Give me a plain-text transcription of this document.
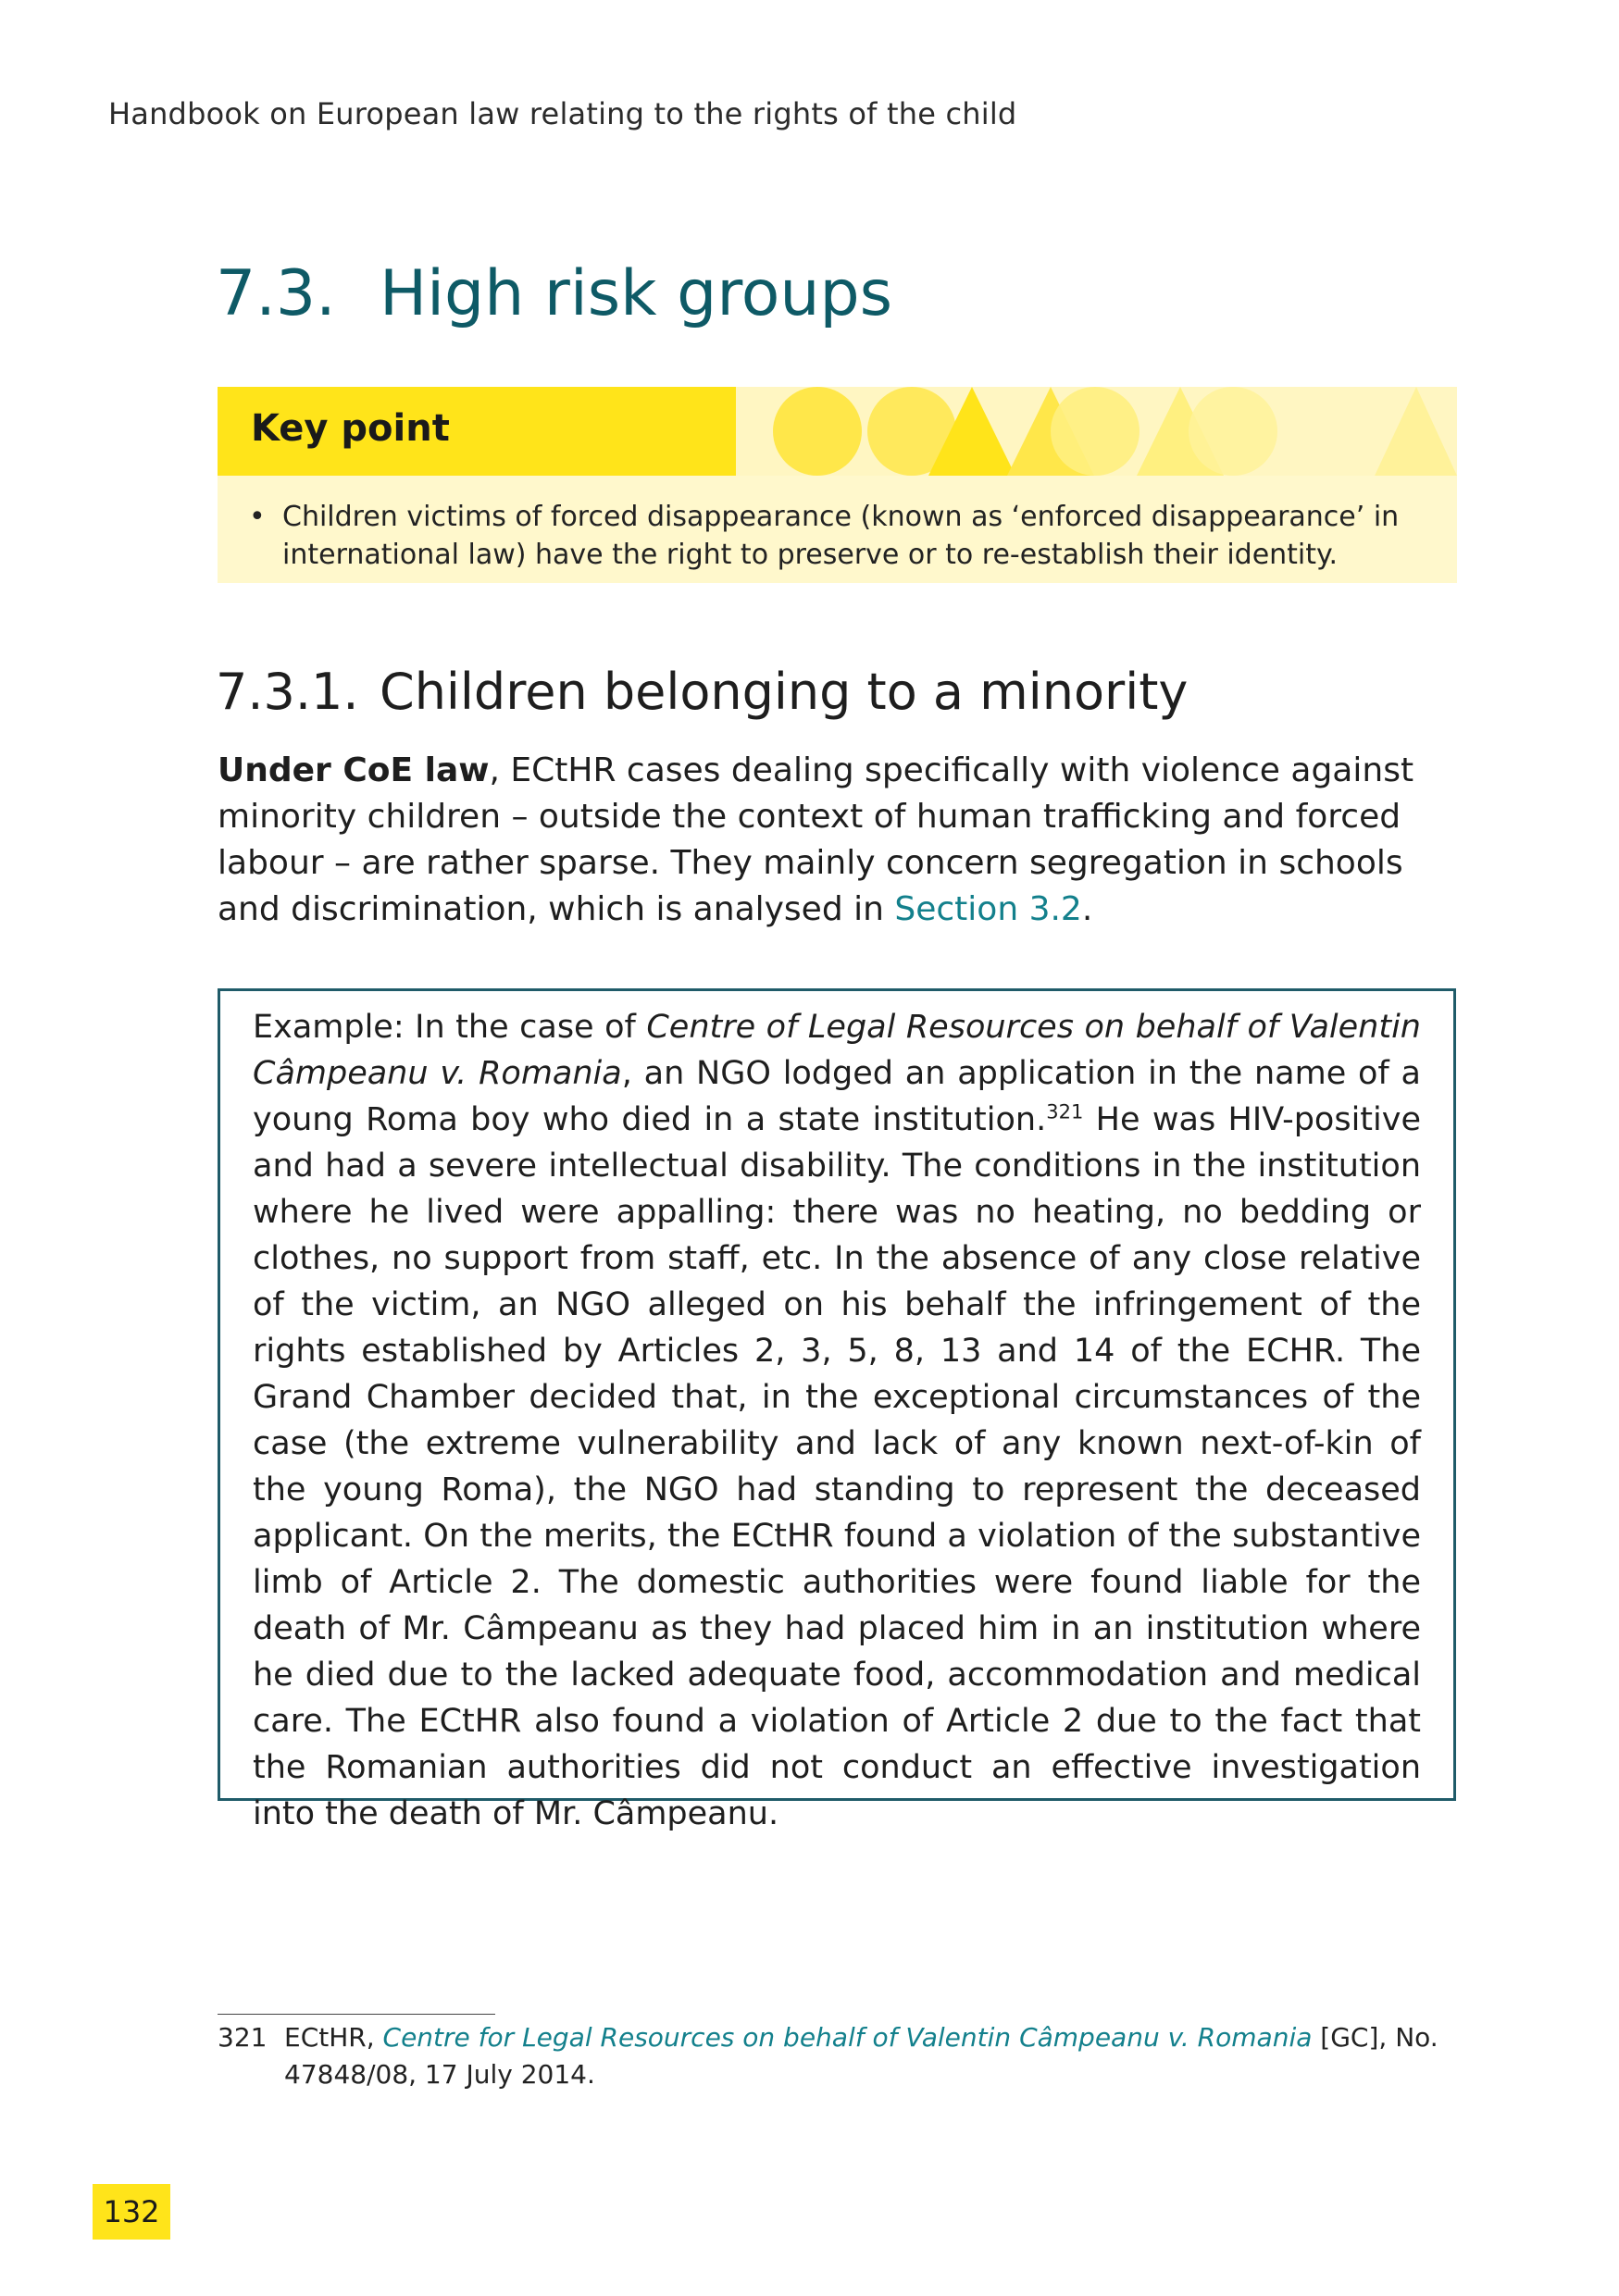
Handbook on European law relating to the rights of the child
7.3. High risk groups
Key point
• Children victims of forced disappearance (known as ‘enforced disappearance’ in international law) have the right to preserve or to re-establish their identity.
7.3.1. Children belonging to a minority
Under CoE law, ECtHR cases dealing specifically with violence against minority children – outside the context of human trafficking and forced labour – are rather sparse. They mainly concern segregation in schools and discrimination, which is analysed in Section 3.2.
Example: In the case of Centre of Legal Resources on behalf of Valentin Câmpeanu v. Romania, an NGO lodged an application in the name of a young Roma boy who died in a state institution.$^{321}$ He was HIV-positive and had a severe intellectual disability. The conditions in the institution where he lived were appalling: there was no heating, no bedding or clothes, no support from staff, etc. In the absence of any close relative of the victim, an NGO alleged on his behalf the infringement of the rights established by Articles 2, 3, 5, 8, 13 and 14 of the ECHR. The Grand Chamber decided that, in the exceptional circumstances of the case (the extreme vulnerability and lack of any known next-of-kin of the young Roma), the NGO had standing to represent the deceased applicant. On the merits, the ECtHR found a violation of the substantive limb of Article 2. The domestic authorities were found liable for the death of Mr. Câmpeanu as they had placed him in an institution where he died due to the lacked adequate food, accommodation and medical care. The ECtHR also found a violation of Article 2 due to the fact that the Romanian authorities did not conduct an effective investigation into the death of Mr. Câmpeanu.
321 ECtHR, Centre for Legal Resources on behalf of Valentin Câmpeanu v. Romania [GC], No. 47848/08, 17 July 2014.
132
